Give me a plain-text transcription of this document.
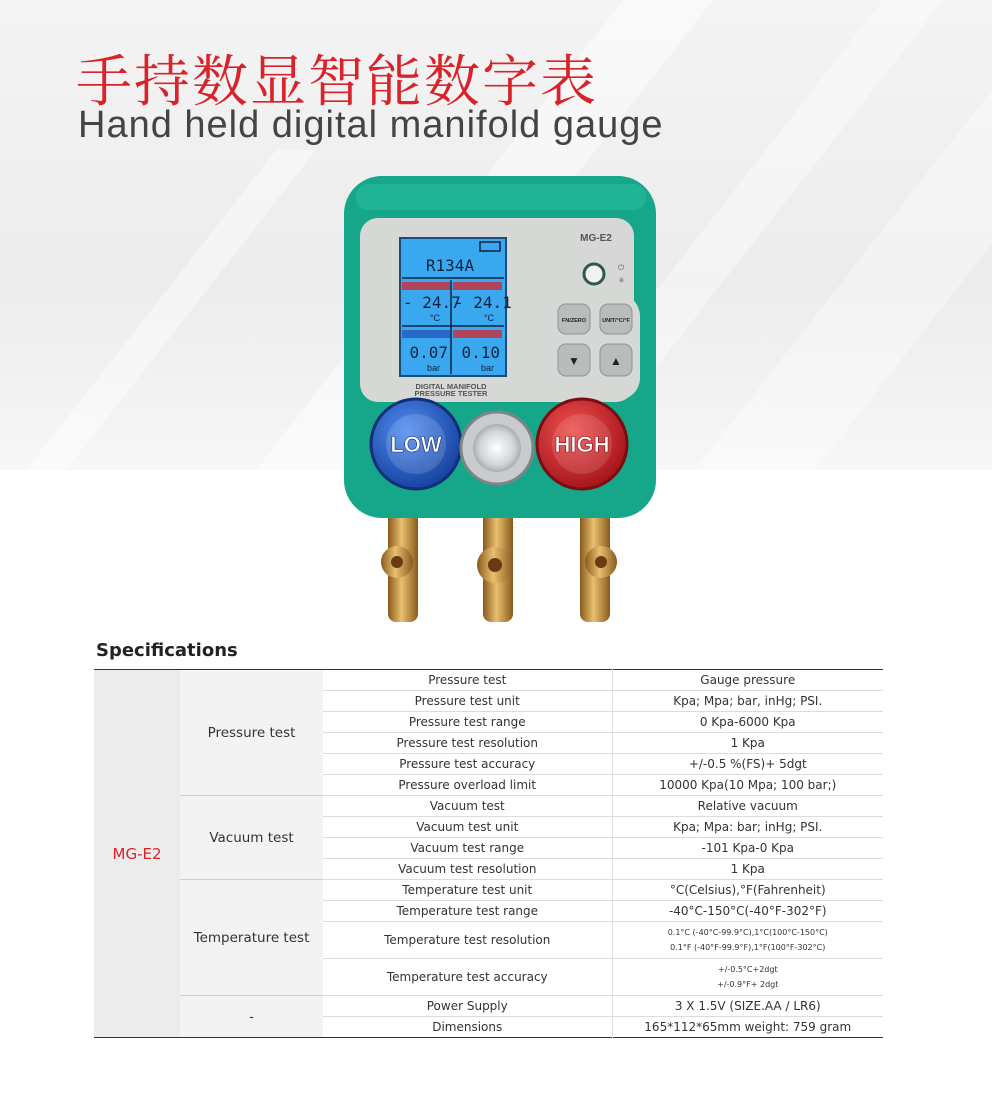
手持数显智能数字表
Hand held digital manifold gauge
R134A
- 24.7
- 24.1
°C	°C
0.07 0.10
bar	bar
DIGITAL MANIFOLD
PRESSURE TESTER
MG-E2
⏻
✳
FN/ZERO	UNIT/°C/°F
▼	▲
LOW	HIGH
Specifications
MG-E2	Pressure test	Pressure test	Gauge pressure
		Pressure test unit	Kpa; Mpa; bar, inHg; PSI.
		Pressure test range	0 Kpa-6000 Kpa
		Pressure test resolution	1 Kpa
		Pressure test accuracy	+/-0.5 %(FS)+ 5dgt
		Pressure overload limit	10000 Kpa(10 Mpa; 100 bar;)
	Vacuum test	Vacuum test	Relative vacuum
		Vacuum test unit	Kpa; Mpa: bar; inHg; PSI.
		Vacuum test range	-101 Kpa-0 Kpa
		Vacuum test resolution	1 Kpa
	Temperature test	Temperature test unit	°C(Celsius),°F(Fahrenheit)
		Temperature test range	-40°C-150°C(-40°F-302°F)
		Temperature test resolution	0.1°C (-40°C-99.9°C),1°C(100°C-150°C)
0.1°F (-40°F-99.9°F),1°F(100°F-302°C)

		Temperature test accuracy	+/-0.5°C+2dgt
+/-0.9°F+ 2dgt

	-	Power Supply	3 X 1.5V (SIZE.AA / LR6)
		Dimensions	165*112*65mm weight: 759 gram
